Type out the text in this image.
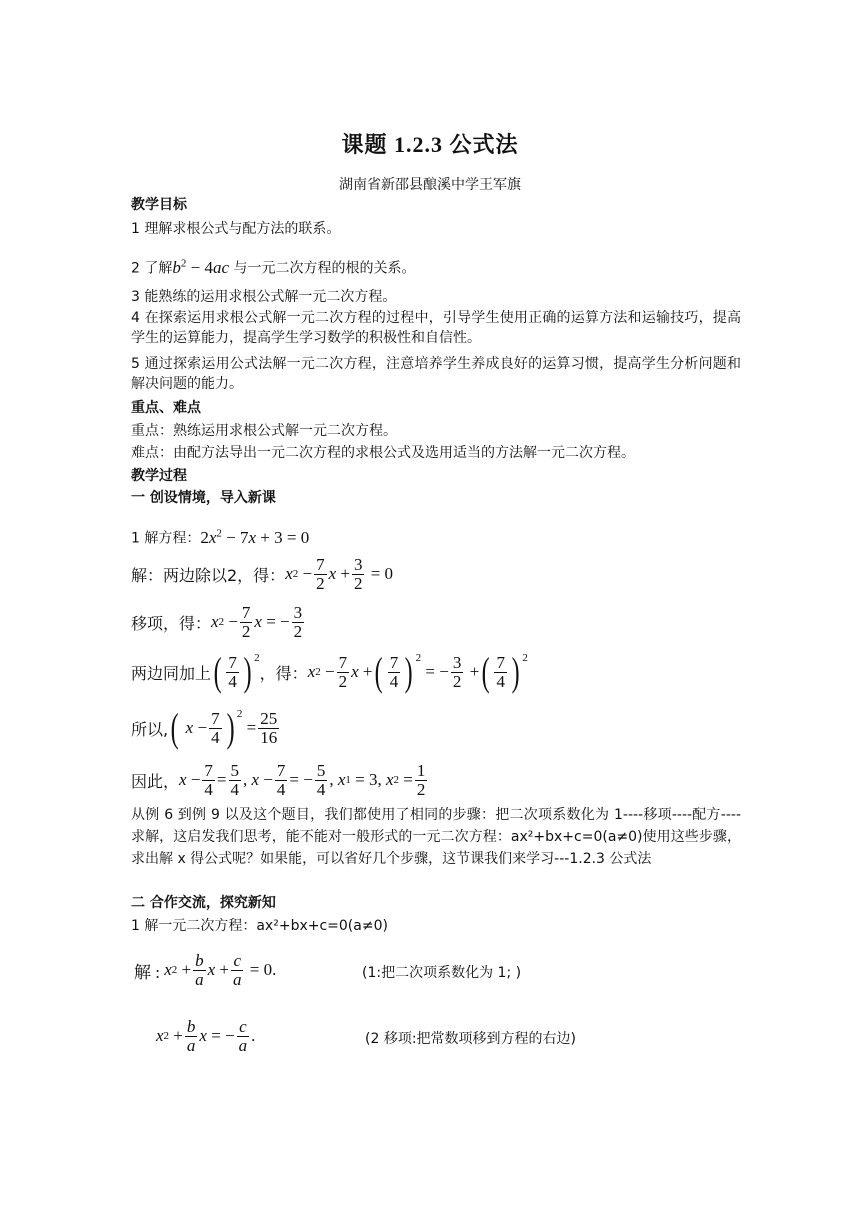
课题 1.2.3 公式法
湖南省新邵县酿溪中学王军旗
教学目标
1 理解求根公式与配方法的联系。
2 了解$b^2 - 4ac$ 与一元二次方程的根的关系。
3 能熟练的运用求根公式解一元二次方程。
4 在探索运用求根公式解一元二次方程的过程中，引导学生使用正确的运算方法和运输技巧，提高学生的运算能力，提高学生学习数学的积极性和自信性。
5 通过探索运用公式法解一元二次方程，注意培养学生养成良好的运算习惯，提高学生分析问题和解决问题的能力。
重点、难点
重点：熟练运用求根公式解一元二次方程。
难点：由配方法导出一元二次方程的求根公式及选用适当的方法解一元二次方程。
教学过程
一 创设情境，导入新课
1 解方程：$2x^2 - 7x + 3 = 0$
解：两边除以2，得： x $2 - \frac{7}{2}$ $x + \frac{3}{2} = 0$
移项，得： x $2 - \frac{7}{2}$ x = − $\frac{3}{2}$
两边同加上 ( $\frac{7}{4} )^2$
，得： x $2 - \frac{7}{2}$ x + ( $\frac{7}{4} )^2$
= − $\frac{3}{2}$ + ( $\frac{7}{4} )^2$
所以, (
$x - \frac{7}{4} )^2$
= $\frac{25}{16}$
因此， $x - \frac{7}{4} = \frac{5}{4}$ , $x - \frac{7}{4}$ = − $\frac{5}{4}$ , x 1 = 3, x $2 = \frac{1}{2}$
从例 6 到例 9 以及这个题目，我们都使用了相同的步骤：把二次项系数化为 1----移项----配方----求解，这启发我们思考，能不能对一般形式的一元二次方程：ax²+bx+c=0(a≠0)使用这些步骤，求出解 x 得公式呢？如果能，可以省好几个步骤，这节课我们来学习---1.2.3 公式法
二 合作交流，探究新知
1 解一元二次方程：ax²+bx+c=0(a≠0)
解 : x $2 + \frac{b}{a}$ $x + \frac{c}{a} = 0$.	(1:把二次项系数化为 1; )
x $2 + \frac{b}{a}$ x = − $\frac{c}{a}$ .	(2 移项:把常数项移到方程的右边)
